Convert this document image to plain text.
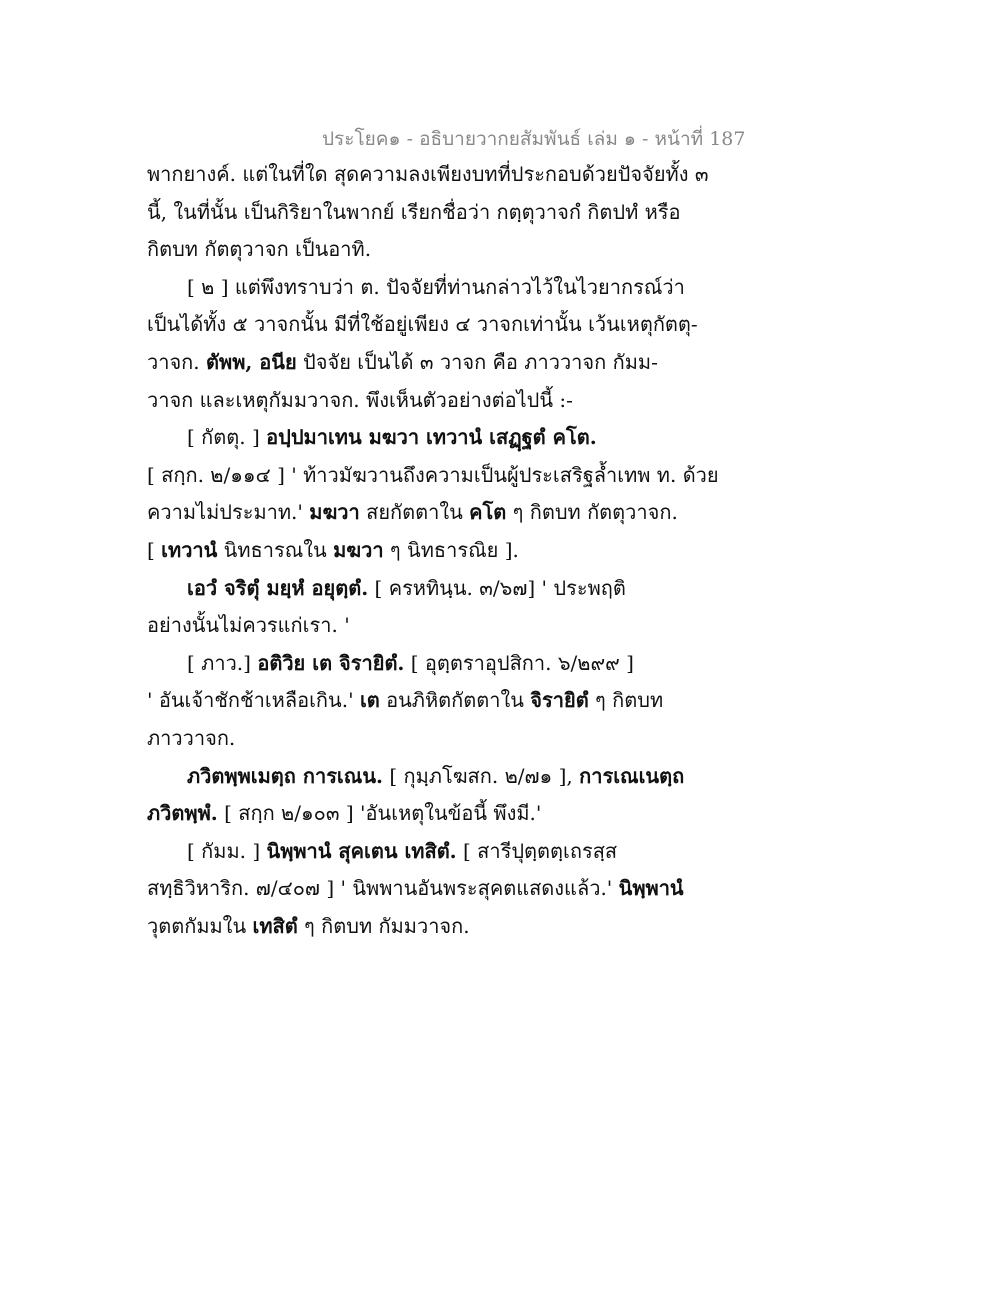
ประโยค๑ - อธิบายวากยสัมพันธ์ เล่ม ๑ - หน้าที่ 187
พากยางค์. แต่ในที่ใด สุดความลงเพียงบทที่ประกอบด้วยปัจจัยทั้ง ๓
นี้, ในที่นั้น เป็นกิริยาในพากย์ เรียกชื่อว่า กตฺตุวาจกํ กิตปทํ หรือ
กิตบท กัตตุวาจก เป็นอาทิ.
[ ๒ ] แต่พึงทราบว่า ต. ปัจจัยที่ท่านกล่าวไว้ในไวยากรณ์ว่า
เป็นได้ทั้ง ๕ วาจกนั้น มีที่ใช้อยู่เพียง ๔ วาจกเท่านั้น เว้นเหตุกัตตุ-
วาจก. ตัพพ, อนีย ปัจจัย เป็นได้ ๓ วาจก คือ ภาววาจก กัมม-
วาจก และเหตุกัมมวาจก. พึงเห็นตัวอย่างต่อไปนี้ :-
[ กัตตุ. ] อปฺปมาเทน มฆวา เทวานํ เสฏฺฐตํ คโต.
[ สกฺก. ๒/๑๑๔ ] ' ท้าวมัฆวานถึงความเป็นผู้ประเสริฐล้ำเทพ ท. ด้วย
ความไม่ประมาท.' มฆวา สยกัตตาใน คโต ๆ กิตบท กัตตุวาจก.
[ เทวานํ นิทธารณใน มฆวา ๆ นิทธารณิย ].
เอวํ จริตุํ มยฺหํ อยุตฺตํ. [ ครหทินฺน. ๓/๖๗] ' ประพฤติ
อย่างนั้นไม่ควรแก่เรา. '
[ ภาว.] อติวิย เต จิรายิตํ. [ อุตฺตราอุปสิกา. ๖/๒๙๙ ]
' อันเจ้าชักช้าเหลือเกิน.' เต อนภิหิตกัตตาใน จิรายิตํ ๆ กิตบท
ภาววาจก.
ภวิตพฺพเมตฺถ การเณน. [ กุมฺภโฆสก. ๒/๗๑ ], การเณเนตฺถ
ภวิตพฺพํ. [ สกฺก ๒/๑๐๓ ] 'อันเหตุในข้อนี้ พึงมี.'
[ กัมม. ] นิพฺพานํ สุคเตน เทสิตํ. [ สารีปุตฺตตฺเถรสฺส
สทฺธิวิหาริก. ๗/๔๐๗ ] ' นิพพานอันพระสุคตแสดงแล้ว.' นิพฺพานํ
วุตตกัมมใน เทสิตํ ๆ กิตบท กัมมวาจก.
